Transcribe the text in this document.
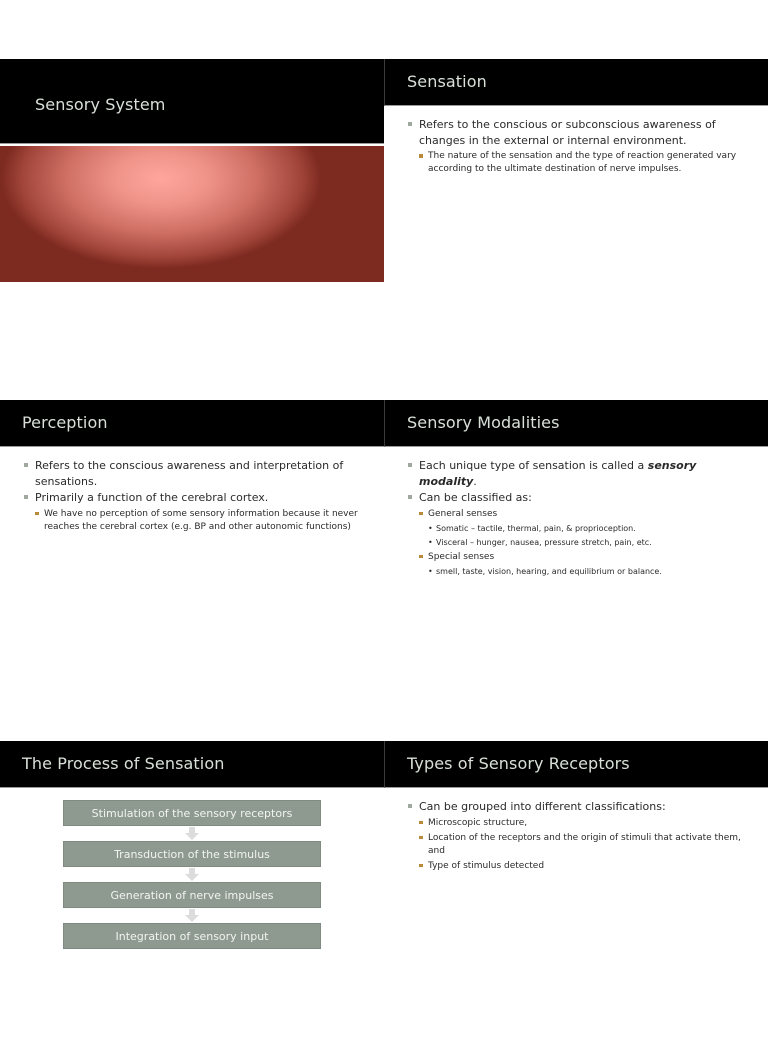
Sensory System
Sensation
Refers to the conscious or subconscious awareness of changes in the external or internal environment.
The nature of the sensation and the type of reaction generated vary according to the ultimate destination of nerve impulses.
Perception
Refers to the conscious awareness and interpretation of sensations.
Primarily a function of the cerebral cortex.
We have no perception of some sensory information because it never reaches the cerebral cortex (e.g. BP and other autonomic functions)
Sensory Modalities
Each unique type of sensation is called a sensory modality.
Can be classified as:
General senses
• Somatic – tactile, thermal, pain, & proprioception.
• Visceral – hunger, nausea, pressure stretch, pain, etc.
Special senses
• smell, taste, vision, hearing, and equilibrium or balance.
The Process of Sensation
Stimulation of the sensory receptors
Transduction of the stimulus
Generation of nerve impulses
Integration of sensory input
Types of Sensory Receptors
Can be grouped into different classifications:
Microscopic structure,
Location of the receptors and the origin of stimuli that activate them, and
Type of stimulus detected
